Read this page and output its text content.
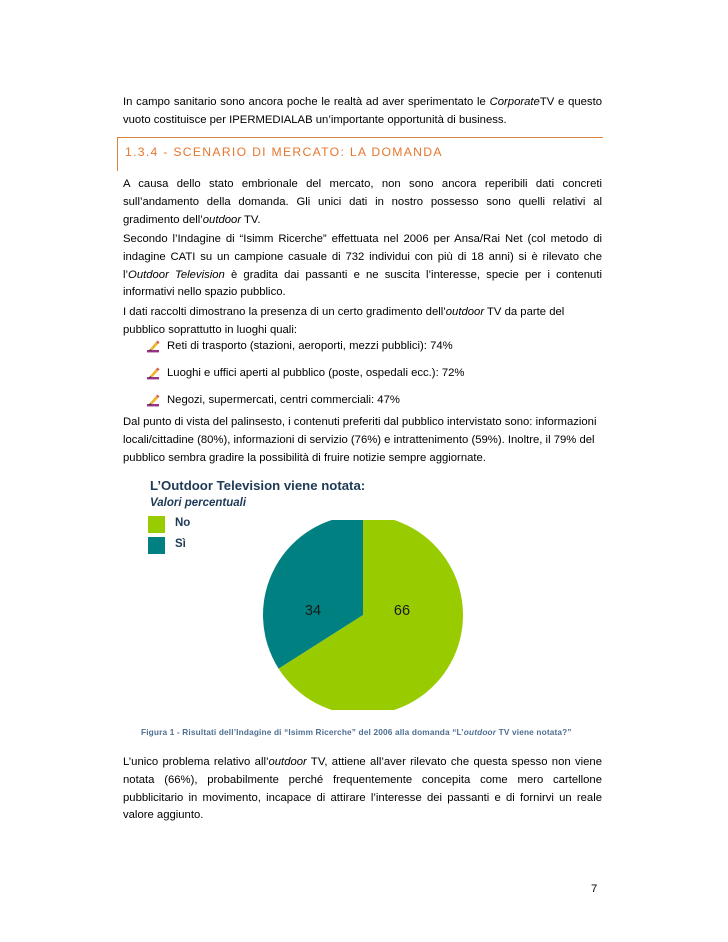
In campo sanitario sono ancora poche le realtà ad aver sperimentato le CorporateTV e questo vuoto costituisce per IPERMEDIALAB un’importante opportunità di business.

1.3.4 - SCENARIO DI MERCATO: LA DOMANDA

A causa dello stato embrionale del mercato, non sono ancora reperibili dati concreti sull’andamento della domanda. Gli unici dati in nostro possesso sono quelli relativi al gradimento dell’outdoor TV.

Secondo l’Indagine di “Isimm Ricerche” effettuata nel 2006 per Ansa/Rai Net (col metodo di indagine CATI su un campione casuale di 732 individui con più di 18 anni) si è rilevato che l’Outdoor Television è gradita dai passanti e ne suscita l’interesse, specie per i contenuti informativi nello spazio pubblico.

I dati raccolti dimostrano la presenza di un certo gradimento dell’outdoor TV da parte del pubblico soprattutto in luoghi quali:

Reti di trasporto (stazioni, aeroporti, mezzi pubblici): 74%
Luoghi e uffici aperti al pubblico (poste, ospedali ecc.): 72%
Negozi, supermercati, centri commerciali: 47%

Dal punto di vista del palinsesto, i contenuti preferiti dal pubblico intervistato sono: informazioni locali/cittadine (80%), informazioni di servizio (76%) e intrattenimento (59%). Inoltre, il 79% del pubblico sembra gradire la possibilità di fruire notizie sempre aggiornate.

L’Outdoor Television viene notata:
Valori percentuali
No
Sì
66
34
Figura 1 - Risultati dell’Indagine di “Isimm Ricerche” del 2006 alla domanda “L’outdoor TV viene notata?”

L’unico problema relativo all’outdoor TV, attiene all’aver rilevato che questa spesso non viene notata (66%), probabilmente perché frequentemente concepita come mero cartellone pubblicitario in movimento, incapace di attirare l’interesse dei passanti e di fornirvi un reale valore aggiunto.

7
